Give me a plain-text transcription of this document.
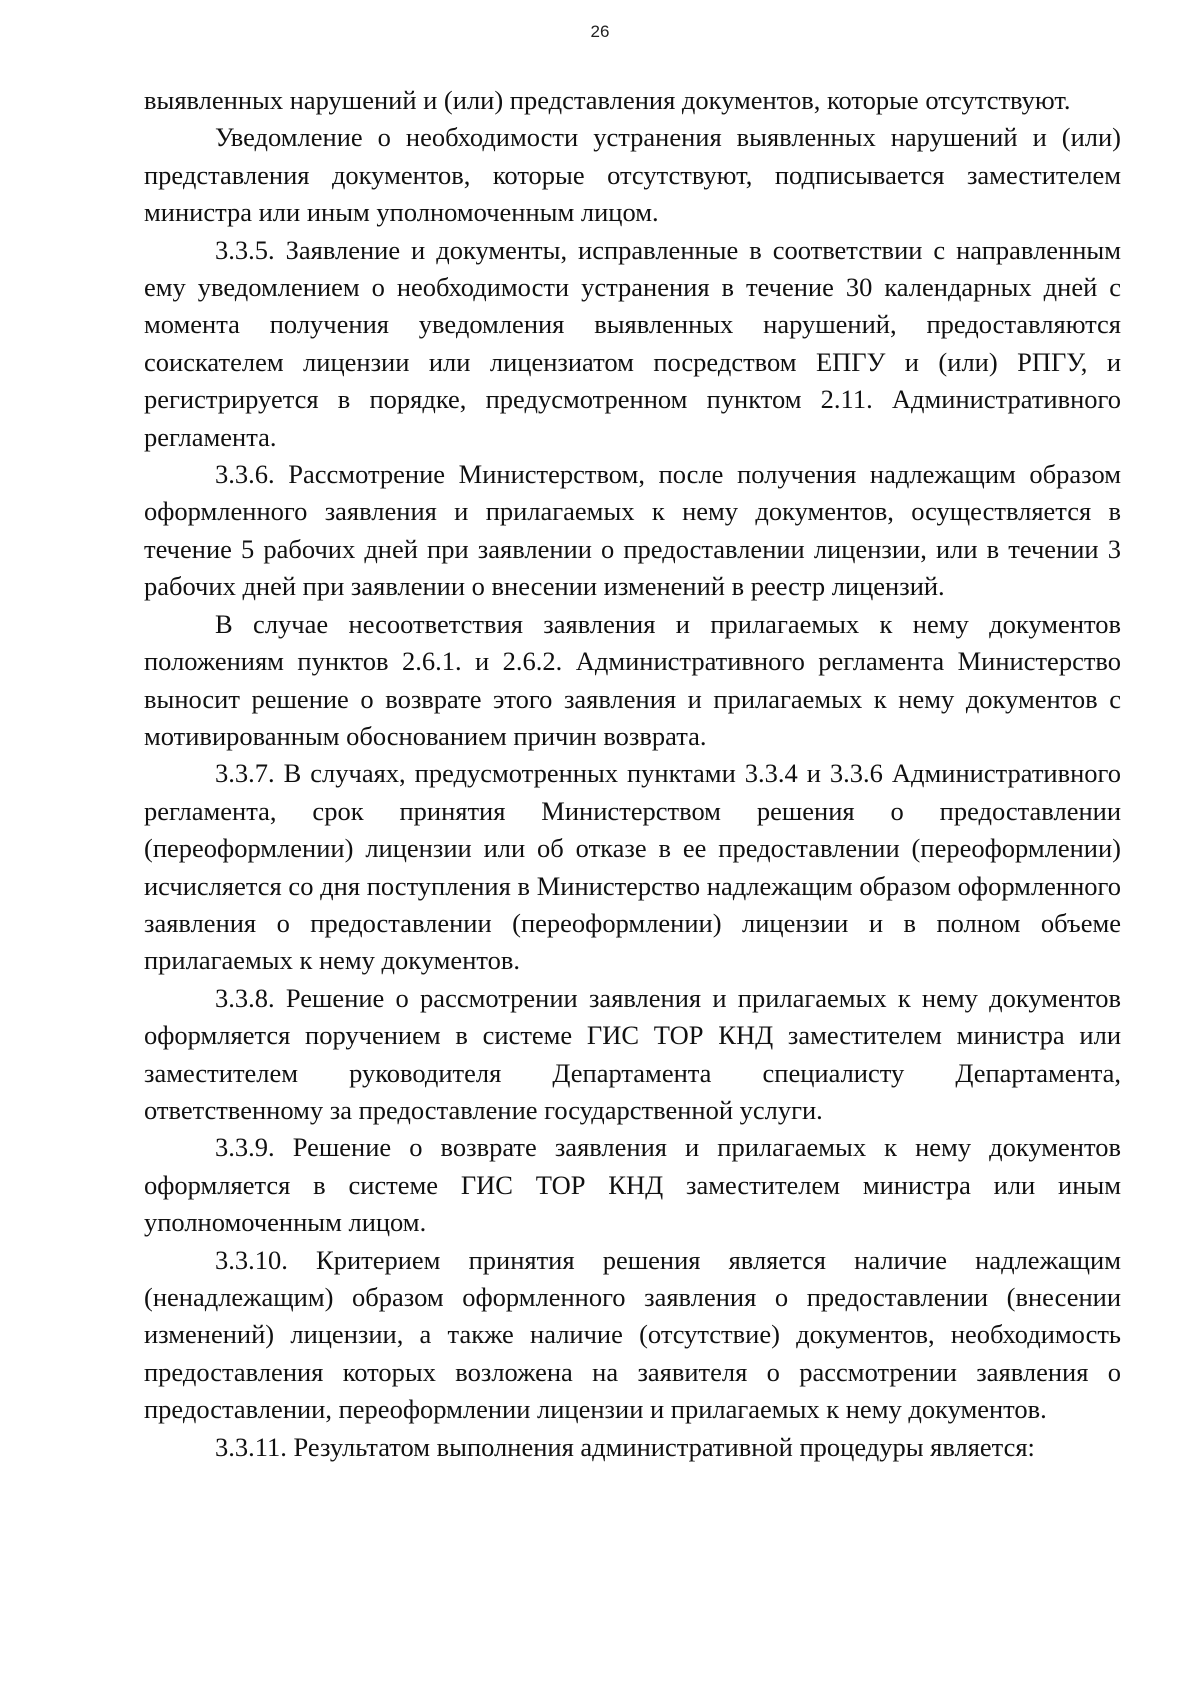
26

выявленных нарушений и (или) представления документов, которые отсутствуют.

Уведомление о необходимости устранения выявленных нарушений и (или) представления документов, которые отсутствуют, подписывается заместителем министра или иным уполномоченным лицом.

3.3.5. Заявление и документы, исправленные в соответствии с направленным ему уведомлением о необходимости устранения в течение 30 календарных дней с момента получения уведомления выявленных нарушений, предоставляются соискателем лицензии или лицензиатом посредством ЕПГУ и (или) РПГУ, и регистрируется в порядке, предусмотренном пунктом 2.11. Административного регламента.

3.3.6. Рассмотрение Министерством, после получения надлежащим образом оформленного заявления и прилагаемых к нему документов, осуществляется в течение 5 рабочих дней при заявлении о предоставлении лицензии, или в течении 3 рабочих дней при заявлении о внесении изменений в реестр лицензий.

В случае несоответствия заявления и прилагаемых к нему документов положениям пунктов 2.6.1. и 2.6.2. Административного регламента Министерство выносит решение о возврате этого заявления и прилагаемых к нему документов с мотивированным обоснованием причин возврата.

3.3.7. В случаях, предусмотренных пунктами 3.3.4 и 3.3.6 Административного регламента, срок принятия Министерством решения о предоставлении (переоформлении) лицензии или об отказе в ее предоставлении (переоформлении) исчисляется со дня поступления в Министерство надлежащим образом оформленного заявления о предоставлении (переоформлении) лицензии и в полном объеме прилагаемых к нему документов.

3.3.8. Решение о рассмотрении заявления и прилагаемых к нему документов оформляется поручением в системе ГИС ТОР КНД заместителем министра или заместителем руководителя Департамента специалисту Департамента, ответственному за предоставление государственной услуги.

3.3.9. Решение о возврате заявления и прилагаемых к нему документов оформляется в системе ГИС ТОР КНД заместителем министра или иным уполномоченным лицом.

3.3.10. Критерием принятия решения является наличие надлежащим (ненадлежащим) образом оформленного заявления о предоставлении (внесении изменений) лицензии, а также наличие (отсутствие) документов, необходимость предоставления которых возложена на заявителя о рассмотрении заявления о предоставлении, переоформлении лицензии и прилагаемых к нему документов.

3.3.11. Результатом выполнения административной процедуры является:
